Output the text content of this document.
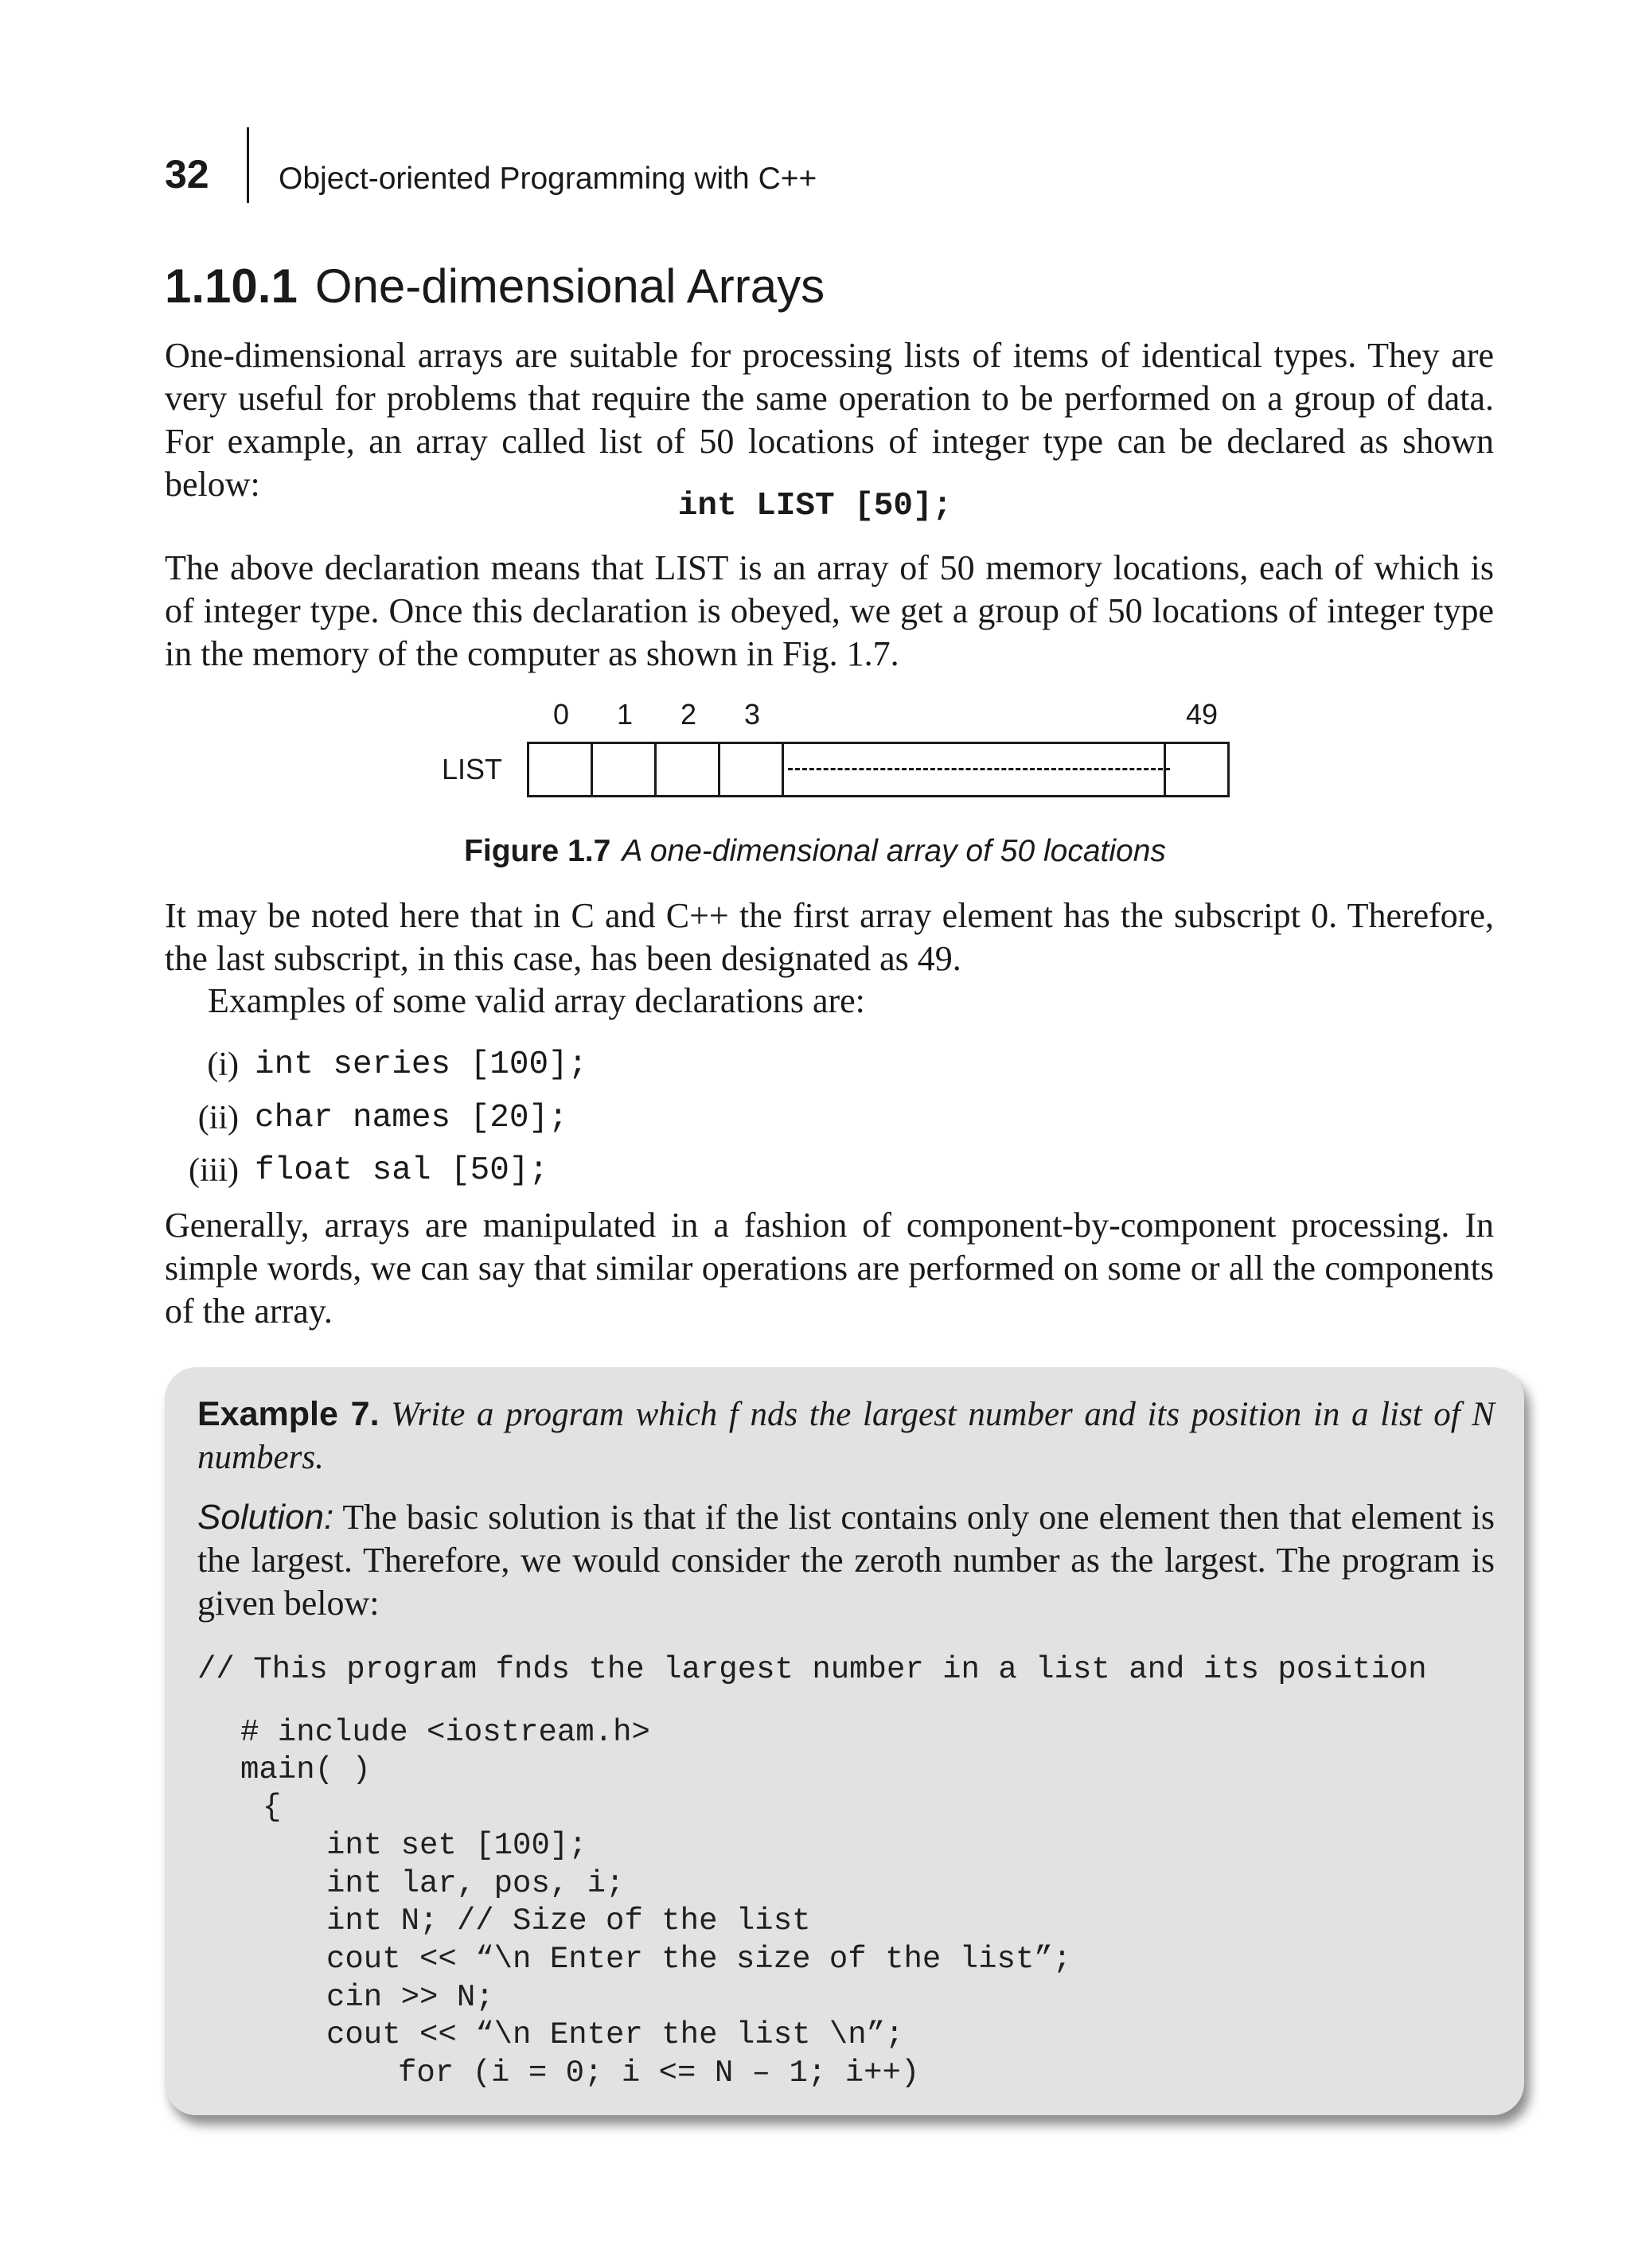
32 Object-oriented Programming with C++
1.10.1 One-dimensional Arrays
One-dimensional arrays are suitable for processing lists of items of identical types. They are very useful for problems that require the same operation to be performed on a group of data. For example, an array called list of 50 locations of integer type can be declared as shown below:
int LIST [50];
The above declaration means that LIST is an array of 50 memory locations, each of which is of integer type. Once this declaration is obeyed, we get a group of 50 locations of integer type in the memory of the computer as shown in Fig. 1.7.
0 1 2 3	49
LIST
Figure 1.7 A one-dimensional array of 50 locations
It may be noted here that in C and C++ the first array element has the subscript 0. Therefore, the last subscript, in this case, has been designated as 49.
Examples of some valid array declarations are:
(i) int series [100];
(ii) char names [20];
(iii) float sal [50];
Generally, arrays are manipulated in a fashion of component-by-component processing. In simple words, we can say that similar operations are performed on some or all the components of the array.
Example 7. Write a program which f nds the largest number and its position in a list of N numbers.
Solution: The basic solution is that if the list contains only one element then that element is the largest. Therefore, we would consider the zeroth number as the largest. The program is given below:
// This program fnds the largest number in a list and its position
# include <iostream.h>
main( )
{
int set [100];
int lar, pos, i;
int N; // Size of the list
cout << “\n Enter the size of the list”;
cin >> N;
cout << “\n Enter the list \n”;
for (i = 0; i <= N – 1; i++)
